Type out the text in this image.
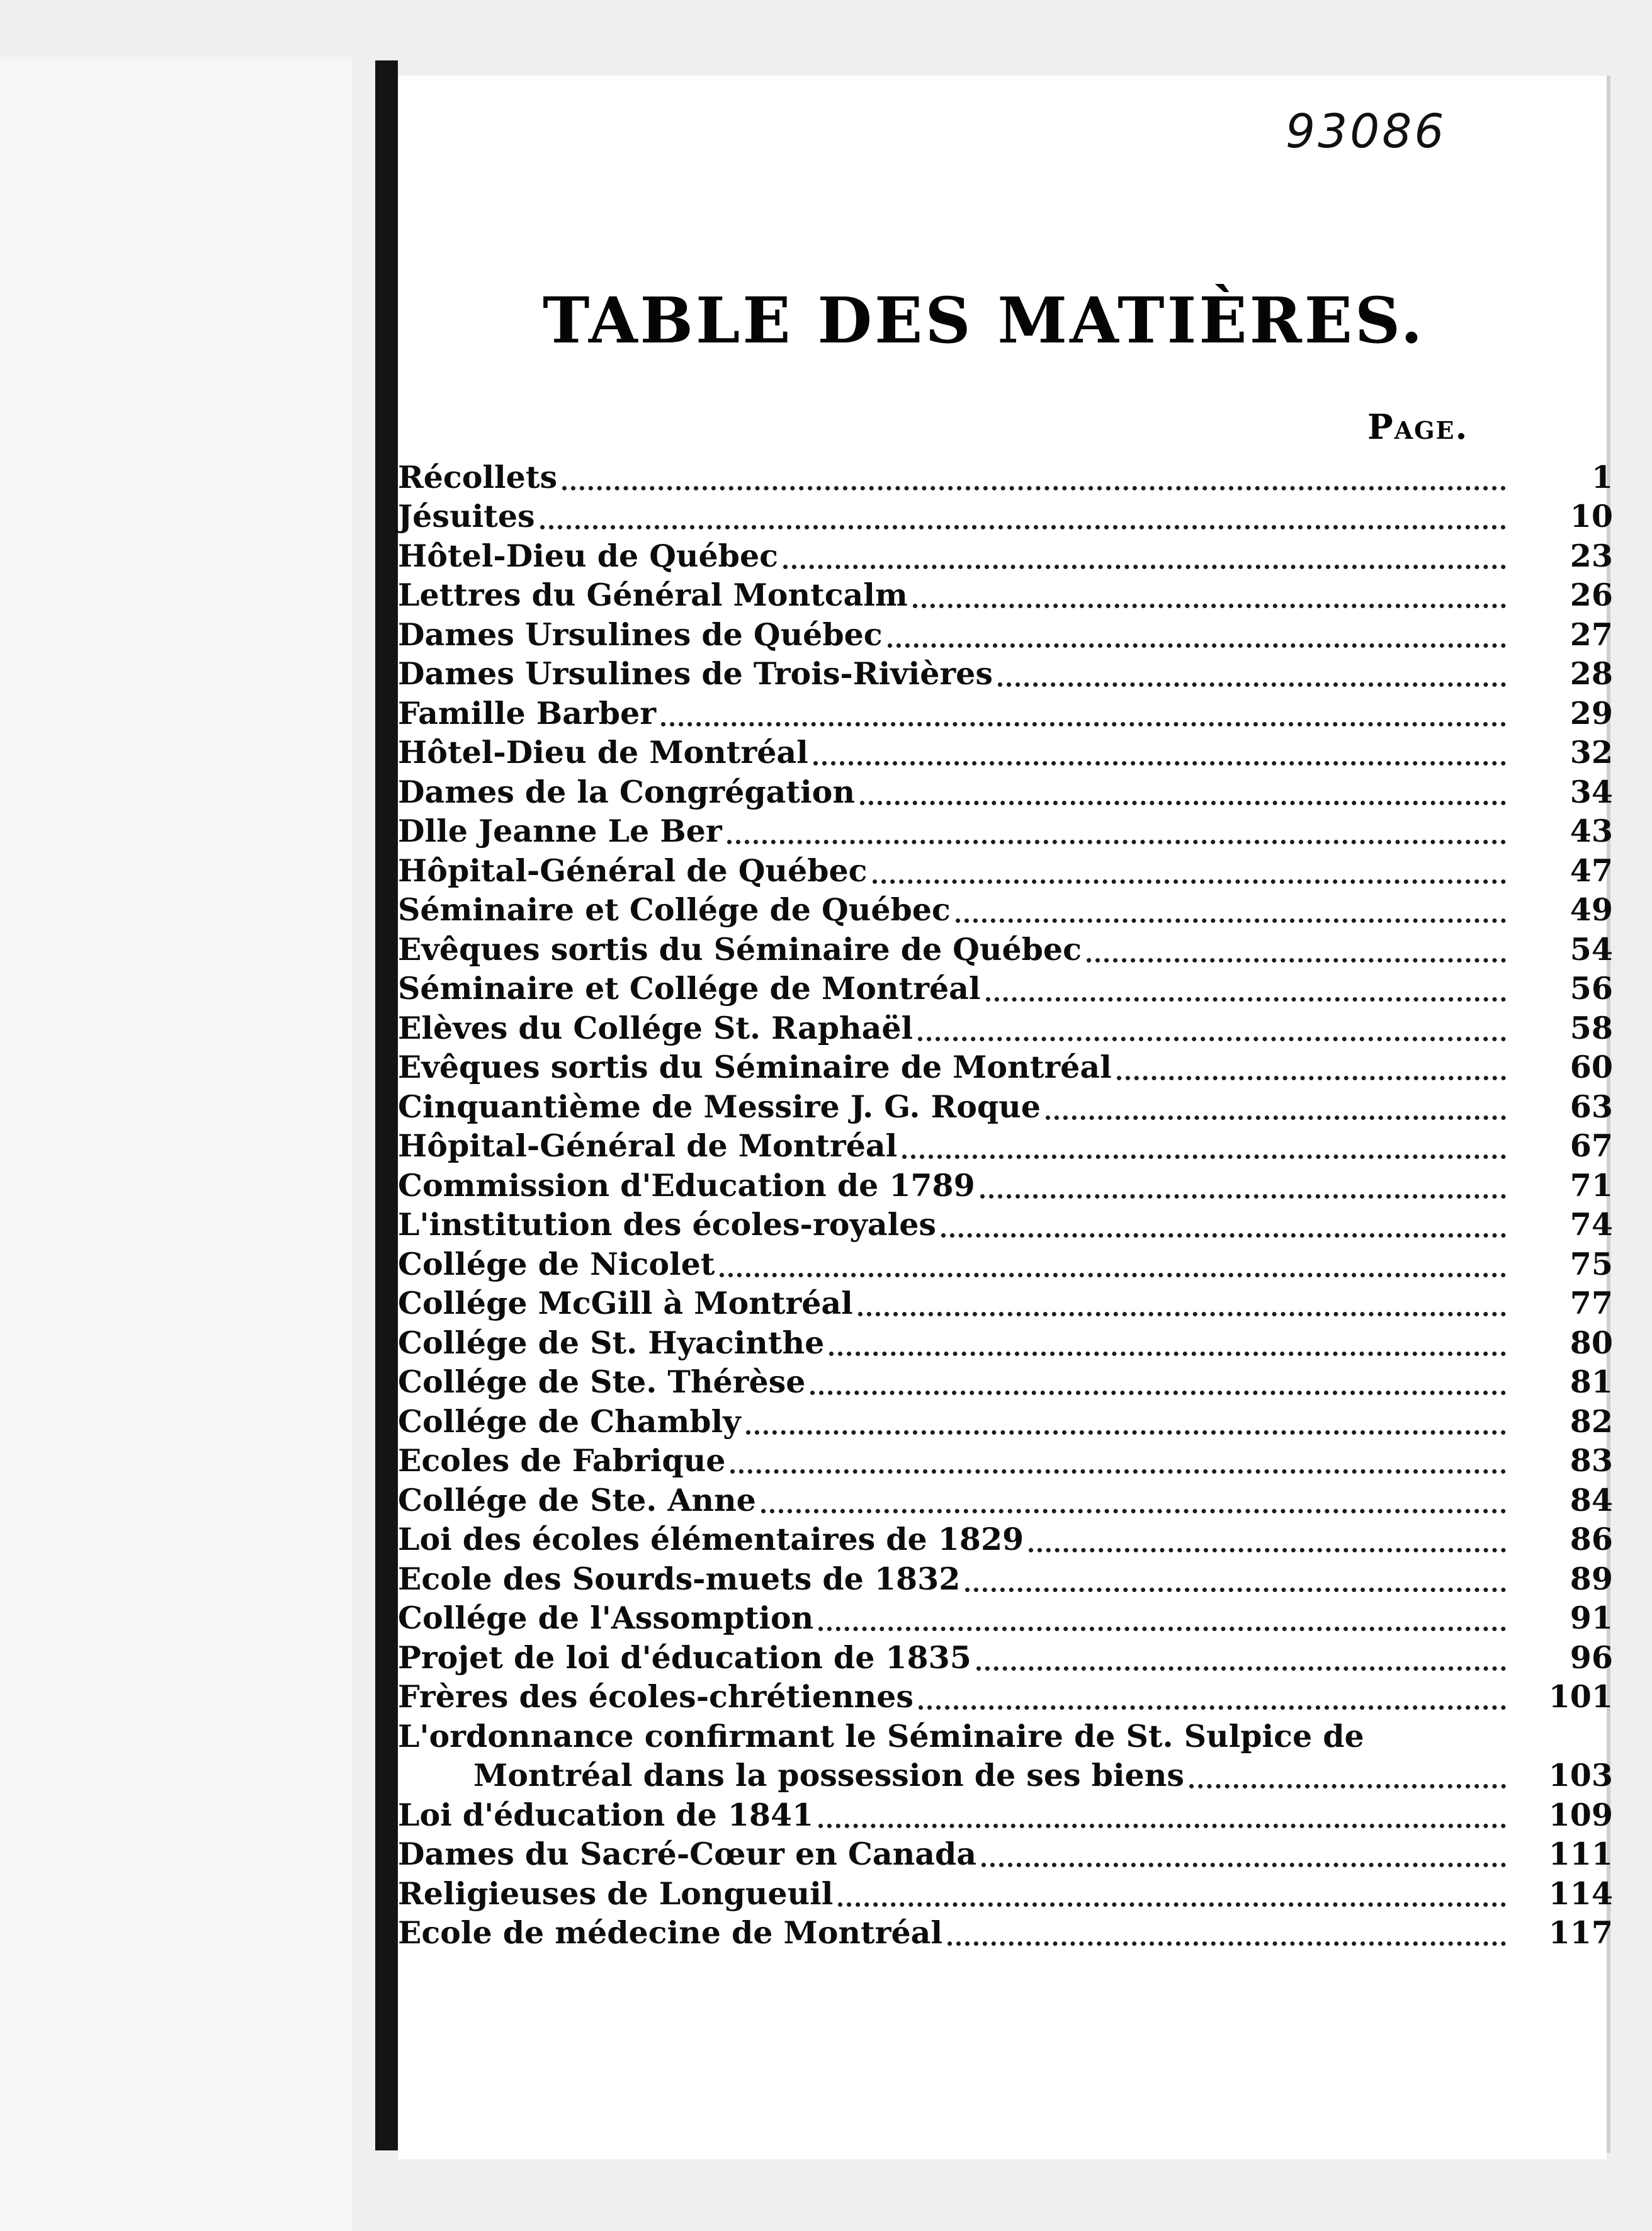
93086
TABLE DES MATIÈRES.
Page.
Récollets	1
Jésuites	10
Hôtel-Dieu de Québec	23
Lettres du Général Montcalm	26
Dames Ursulines de Québec	27
Dames Ursulines de Trois-Rivières	28
Famille Barber	29
Hôtel-Dieu de Montréal	32
Dames de la Congrégation	34
Dlle Jeanne Le Ber	43
Hôpital-Général de Québec	47
Séminaire et Collége de Québec	49
Evêques sortis du Séminaire de Québec	54
Séminaire et Collége de Montréal	56
Elèves du Collége St. Raphaël	58
Evêques sortis du Séminaire de Montréal	60
Cinquantième de Messire J. G. Roque	63
Hôpital-Général de Montréal	67
Commission d'Education de 1789	71
L'institution des écoles-royales	74
Collége de Nicolet	75
Collége McGill à Montréal	77
Collége de St. Hyacinthe	80
Collége de Ste. Thérèse	81
Collége de Chambly	82
Ecoles de Fabrique	83
Collége de Ste. Anne	84
Loi des écoles élémentaires de 1829	86
Ecole des Sourds-muets de 1832	89
Collége de l'Assomption	91
Projet de loi d'éducation de 1835	96
Frères des écoles-chrétiennes	101
L'ordonnance confirmant le Séminaire de St. Sulpice de
Montréal dans la possession de ses biens	103
Loi d'éducation de 1841	109
Dames du Sacré-Cœur en Canada	111
Religieuses de Longueuil	114
Ecole de médecine de Montréal	117
